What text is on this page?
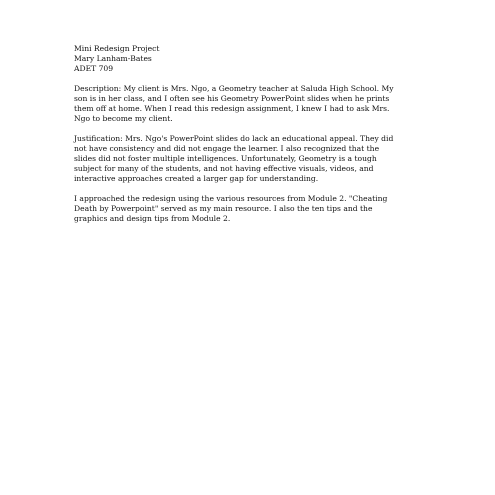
Mini Redesign Project
Mary Lanham-Bates
ADET 709
Description: My client is Mrs. Ngo, a Geometry teacher at Saluda High School. My
son is in her class, and I often see his Geometry PowerPoint slides when he prints
them off at home. When I read this redesign assignment, I knew I had to ask Mrs.
Ngo to become my client.
Justification: Mrs. Ngo's PowerPoint slides do lack an educational appeal. They did
not have consistency and did not engage the learner. I also recognized that the
slides did not foster multiple intelligences. Unfortunately, Geometry is a tough
subject for many of the students, and not having effective visuals, videos, and
interactive approaches created a larger gap for understanding.
I approached the redesign using the various resources from Module 2. "Cheating
Death by Powerpoint" served as my main resource. I also the ten tips and the
graphics and design tips from Module 2.
